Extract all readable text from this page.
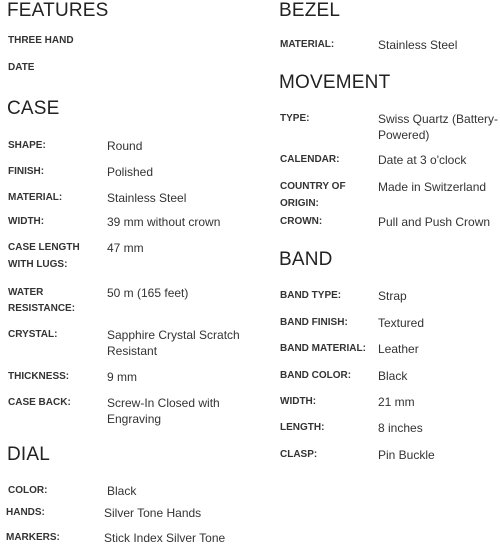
FEATURES
THREE HAND
DATE
CASE
SHAPE:	Round
FINISH:	Polished
MATERIAL:	Stainless Steel
WIDTH:	39 mm without crown
CASE LENGTH
WITH LUGS:
47 mm
WATER
RESISTANCE:
50 m (165 feet)
CRYSTAL:	Sapphire Crystal Scratch
Resistant
THICKNESS:	9 mm
CASE BACK:	Screw-In Closed with
Engraving
DIAL
COLOR:	Black
HANDS:	Silver Tone Hands
MARKERS:	Stick Index Silver Tone
BEZEL
MATERIAL:	Stainless Steel
MOVEMENT
TYPE:	Swiss Quartz (Battery-
Powered)
CALENDAR:	Date at 3 o'clock
COUNTRY OF
ORIGIN:
Made in Switzerland
CROWN:	Pull and Push Crown
BAND
BAND TYPE:	Strap
BAND FINISH:	Textured
BAND MATERIAL: Leather
BAND COLOR: Black
WIDTH:	21 mm
LENGTH:	8 inches
CLASP:	Pin Buckle
